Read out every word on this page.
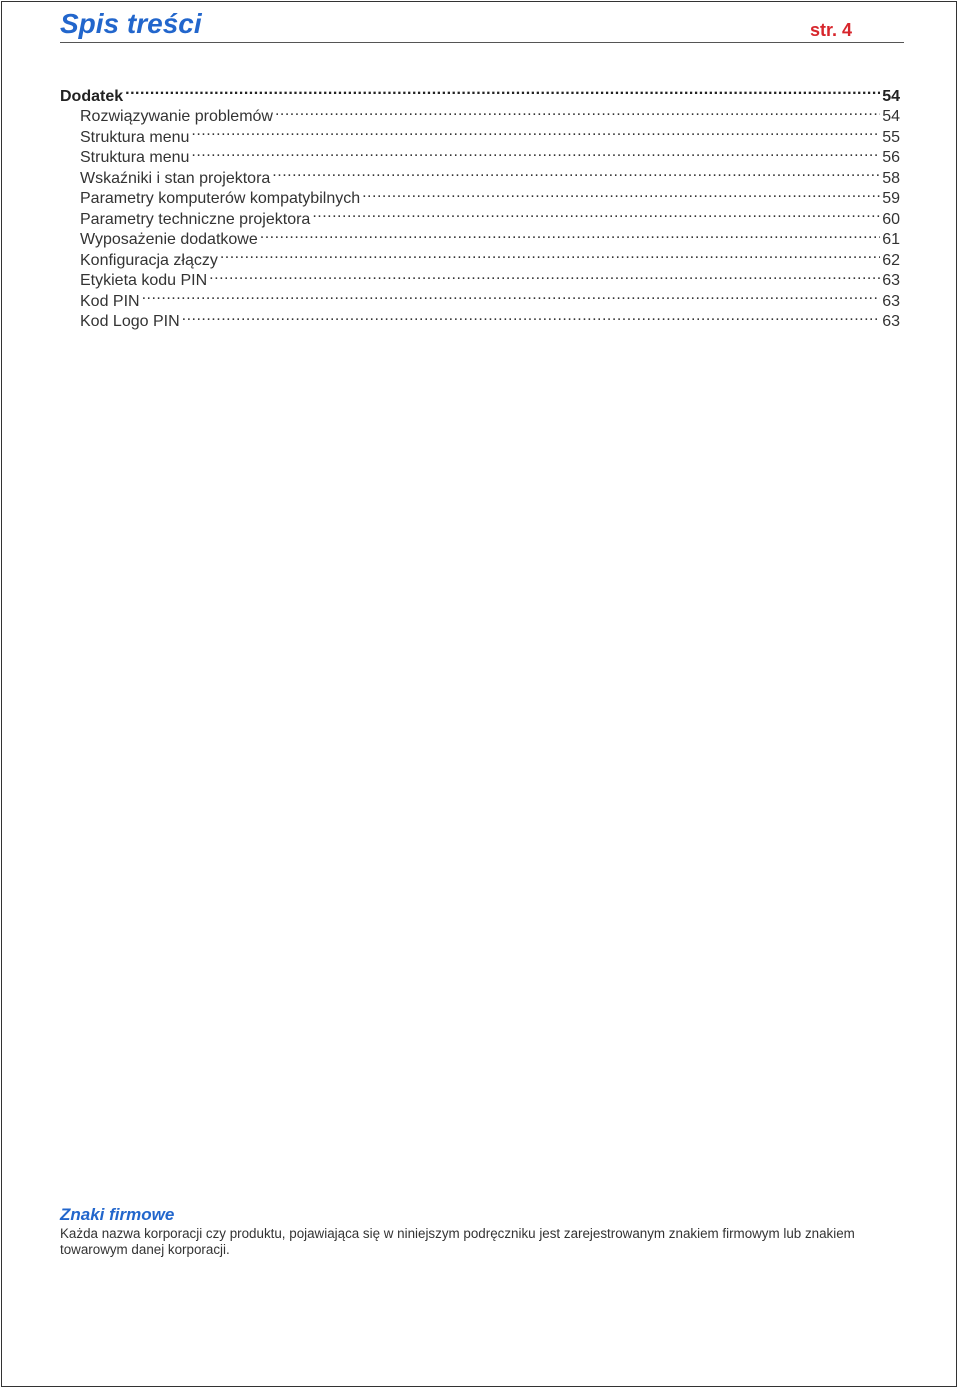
Spis treści	str. 4
Dodatek .....	54
Rozwiązywanie problemów .....	54
Struktura menu .....	55
Struktura menu .....	56
Wskaźniki i stan projektora .....	58
Parametry komputerów kompatybilnych .....	59
Parametry techniczne projektora .....	60
Wyposażenie dodatkowe .....	61
Konfiguracja złączy .....	62
Etykieta kodu PIN .....	63
Kod PIN .....	63
Kod Logo PIN .....	63
Znaki firmowe

Każda nazwa korporacji czy produktu, pojawiająca się w niniejszym podręczniku jest zarejestrowanym znakiem firmowym lub znakiem towarowym danej korporacji.
